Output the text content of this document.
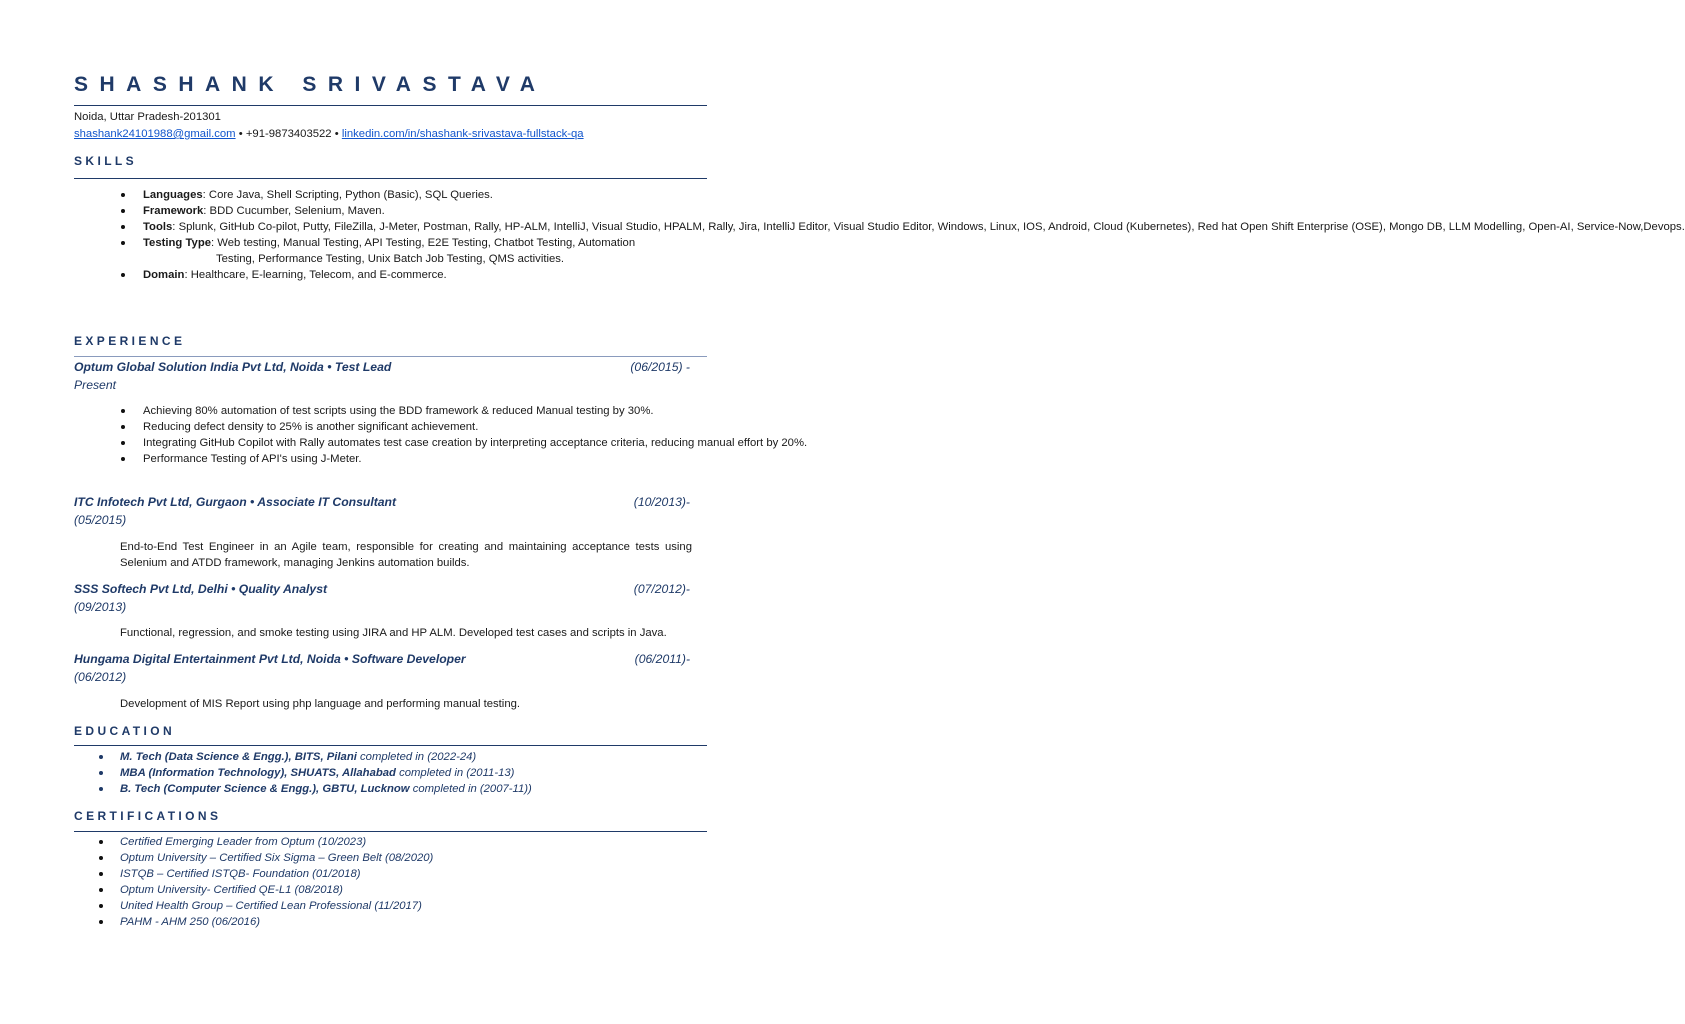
SHASHANK SRIVASTAVA
Noida, Uttar Pradesh-201301
shashank24101988@gmail.com • +91-9873403522 • linkedin.com/in/shashank-srivastava-fullstack-qa
SKILLS
Languages: Core Java, Shell Scripting, Python (Basic), SQL Queries.
Framework: BDD Cucumber, Selenium, Maven.
Tools: Splunk, GitHub Co-pilot, Putty, FileZilla, J-Meter, Postman, Rally, HP-ALM, IntelliJ, Visual Studio, HPALM, Rally, Jira, IntelliJ Editor, Visual Studio Editor, Windows, Linux, IOS, Android, Cloud (Kubernetes), Red hat Open Shift Enterprise (OSE), Mongo DB, LLM Modelling, Open-AI, Service-Now,Devops.
Testing Type: Web testing, Manual Testing, API Testing, E2E Testing, Chatbot Testing, Automation
Testing, Performance Testing, Unix Batch Job Testing, QMS activities.
Domain: Healthcare, E-learning, Telecom, and E-commerce.
EXPERIENCE
Optum Global Solution India Pvt Ltd, Noida • Test Lead	(06/2015) -
Present
Achieving 80% automation of test scripts using the BDD framework & reduced Manual testing by 30%.
Reducing defect density to 25% is another significant achievement.
Integrating GitHub Copilot with Rally automates test case creation by interpreting acceptance criteria, reducing manual effort by 20%.
Performance Testing of API's using J-Meter.
ITC Infotech Pvt Ltd, Gurgaon • Associate IT Consultant	(10/2013)-
(05/2015)

End-to-End Test Engineer in an Agile team, responsible for creating and maintaining acceptance tests using Selenium and ATDD framework, managing Jenkins automation builds.

SSS Softech Pvt Ltd, Delhi • Quality Analyst	(07/2012)-
(09/2013)

Functional, regression, and smoke testing using JIRA and HP ALM. Developed test cases and scripts in Java.

Hungama Digital Entertainment Pvt Ltd, Noida • Software Developer	(06/2011)-
(06/2012)

Development of MIS Report using php language and performing manual testing.

EDUCATION
M. Tech (Data Science & Engg.), BITS, Pilani completed in (2022-24)
MBA (Information Technology), SHUATS, Allahabad completed in (2011-13)
B. Tech (Computer Science & Engg.), GBTU, Lucknow completed in (2007-11))
CERTIFICATIONS
Certified Emerging Leader from Optum (10/2023)
Optum University – Certified Six Sigma – Green Belt (08/2020)
ISTQB – Certified ISTQB- Foundation (01/2018)
Optum University- Certified QE-L1 (08/2018)
United Health Group – Certified Lean Professional (11/2017)
PAHM - AHM 250 (06/2016)
